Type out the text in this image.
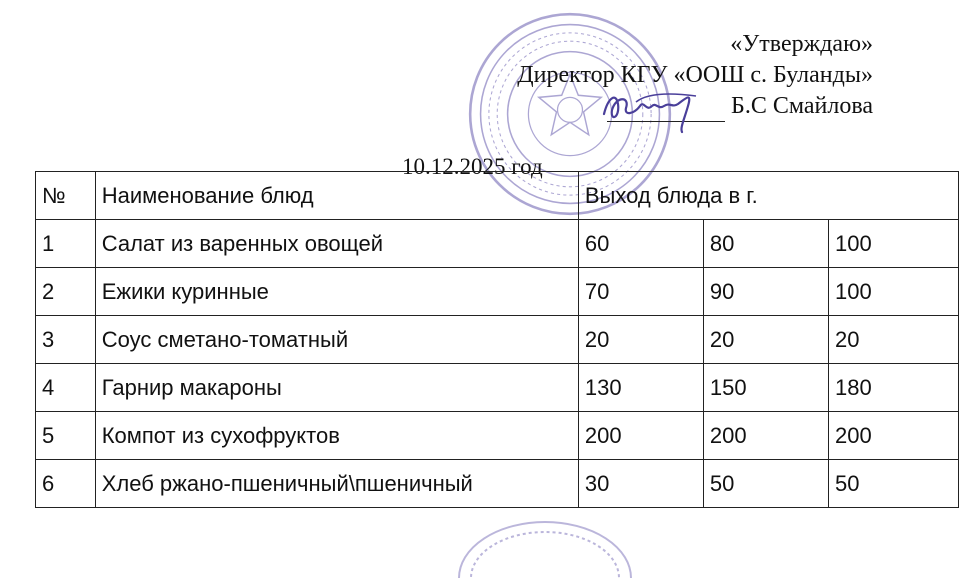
«Утверждаю»
Директор КГУ «ООШ с. Буланды»
Б.С Смайлова
10.12.2025 год
№	Наименование блюд	Выход блюда в г.		
1	Салат из варенных овощей	60	80	100
2	Ежики куринные	70	90	100
3	Соус сметано-томатный	20	20	20
4	Гарнир макароны	130	150	180
5	Компот из сухофруктов	200	200	200
6	Хлеб ржано-пшеничный\пшеничный	30	50	50
